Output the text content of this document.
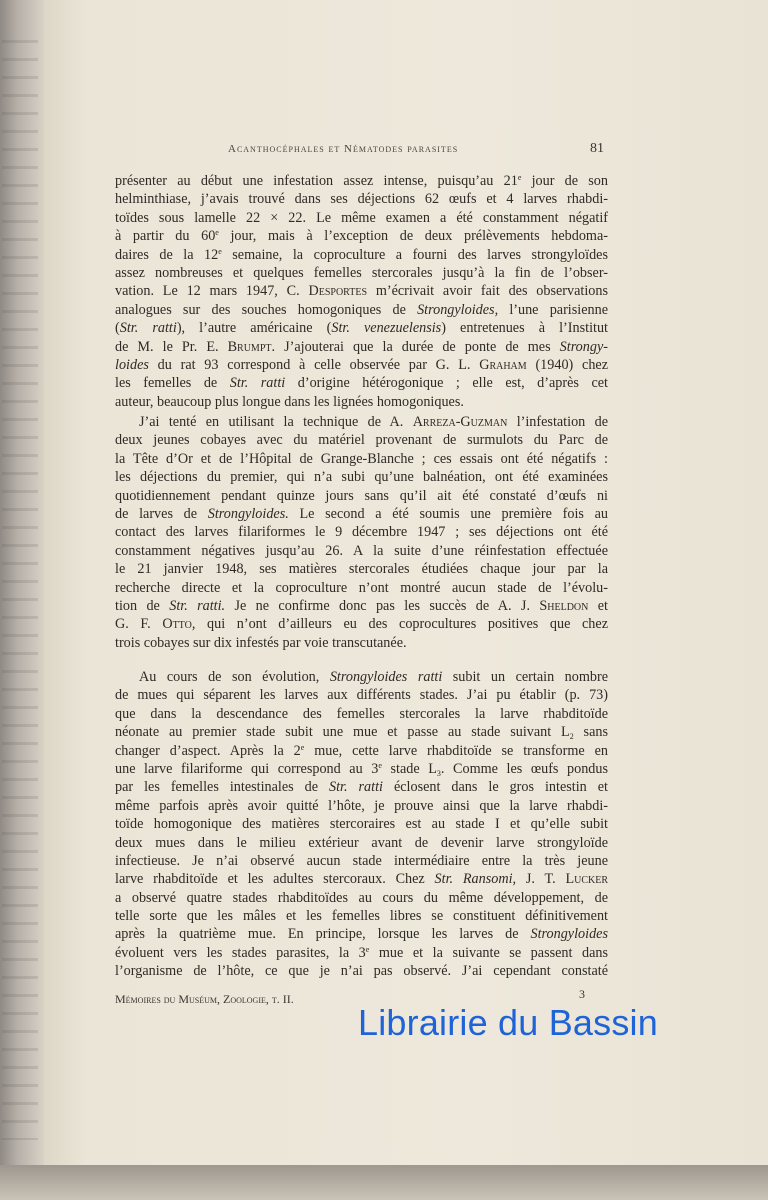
Acanthocéphales et Nématodes parasites	81
présenter au début une infestation assez intense, puisqu’au 21e jour de son
helminthiase, j’avais trouvé dans ses déjections 62 œufs et 4 larves rhabdi-
toïdes sous lamelle 22 × 22. Le même examen a été constamment négatif
à partir du 60e jour, mais à l’exception de deux prélèvements hebdoma-
daires de la 12e semaine, la coproculture a fourni des larves strongyloïdes
assez nombreuses et quelques femelles stercorales jusqu’à la fin de l’obser-
vation. Le 12 mars 1947, C. Desportes m’écrivait avoir fait des observations
analogues sur des souches homogoniques de Strongyloides, l’une parisienne
(Str. ratti), l’autre américaine (Str. venezuelensis) entretenues à l’Institut
de M. le Pr. E. Brumpt. J’ajouterai que la durée de ponte de mes Strongy-
loides du rat 93 correspond à celle observée par G. L. Graham (1940) chez
les femelles de Str. ratti d’origine hétérogonique ; elle est, d’après cet
auteur, beaucoup plus longue dans les lignées homogoniques.
J’ai tenté en utilisant la technique de A. Arreza-Guzman l’infestation de
deux jeunes cobayes avec du matériel provenant de surmulots du Parc de
la Tête d’Or et de l’Hôpital de Grange-Blanche ; ces essais ont été négatifs :
les déjections du premier, qui n’a subi qu’une balnéation, ont été examinées
quotidiennement pendant quinze jours sans qu’il ait été constaté d’œufs ni
de larves de Strongyloides. Le second a été soumis une première fois au
contact des larves filariformes le 9 décembre 1947 ; ses déjections ont été
constamment négatives jusqu’au 26. A la suite d’une réinfestation effectuée
le 21 janvier 1948, ses matières stercorales étudiées chaque jour par la
recherche directe et la coproculture n’ont montré aucun stade de l’évolu-
tion de Str. ratti. Je ne confirme donc pas les succès de A. J. Sheldon et
G. F. Otto, qui n’ont d’ailleurs eu des coprocultures positives que chez
trois cobayes sur dix infestés par voie transcutanée.
Au cours de son évolution, Strongyloides ratti subit un certain nombre
de mues qui séparent les larves aux différents stades. J’ai pu établir (p. 73)
que dans la descendance des femelles stercorales la larve rhabditoïde
néonate au premier stade subit une mue et passe au stade suivant $L_2$ sans
changer d’aspect. Après la 2e mue, cette larve rhabditoïde se transforme en
une larve filariforme qui correspond au 3e stade $L_3$. Comme les œufs pondus
par les femelles intestinales de Str. ratti éclosent dans le gros intestin et
même parfois après avoir quitté l’hôte, je prouve ainsi que la larve rhabdi-
toïde homogonique des matières stercoraires est au stade I et qu’elle subit
deux mues dans le milieu extérieur avant de devenir larve strongyloïde
infectieuse. Je n’ai observé aucun stade intermédiaire entre la très jeune
larve rhabditoïde et les adultes stercoraux. Chez Str. Ransomi, J. T. Lucker
a observé quatre stades rhabditoïdes au cours du même développement, de
telle sorte que les mâles et les femelles libres se constituent définitivement
après la quatrième mue. En principe, lorsque les larves de Strongyloides
évoluent vers les stades parasites, la 3e mue et la suivante se passent dans
l’organisme de l’hôte, ce que je n’ai pas observé. J’ai cependant constaté
Mémoires du Muséum, Zoologie, t. II.	3
Librairie du Bassin
